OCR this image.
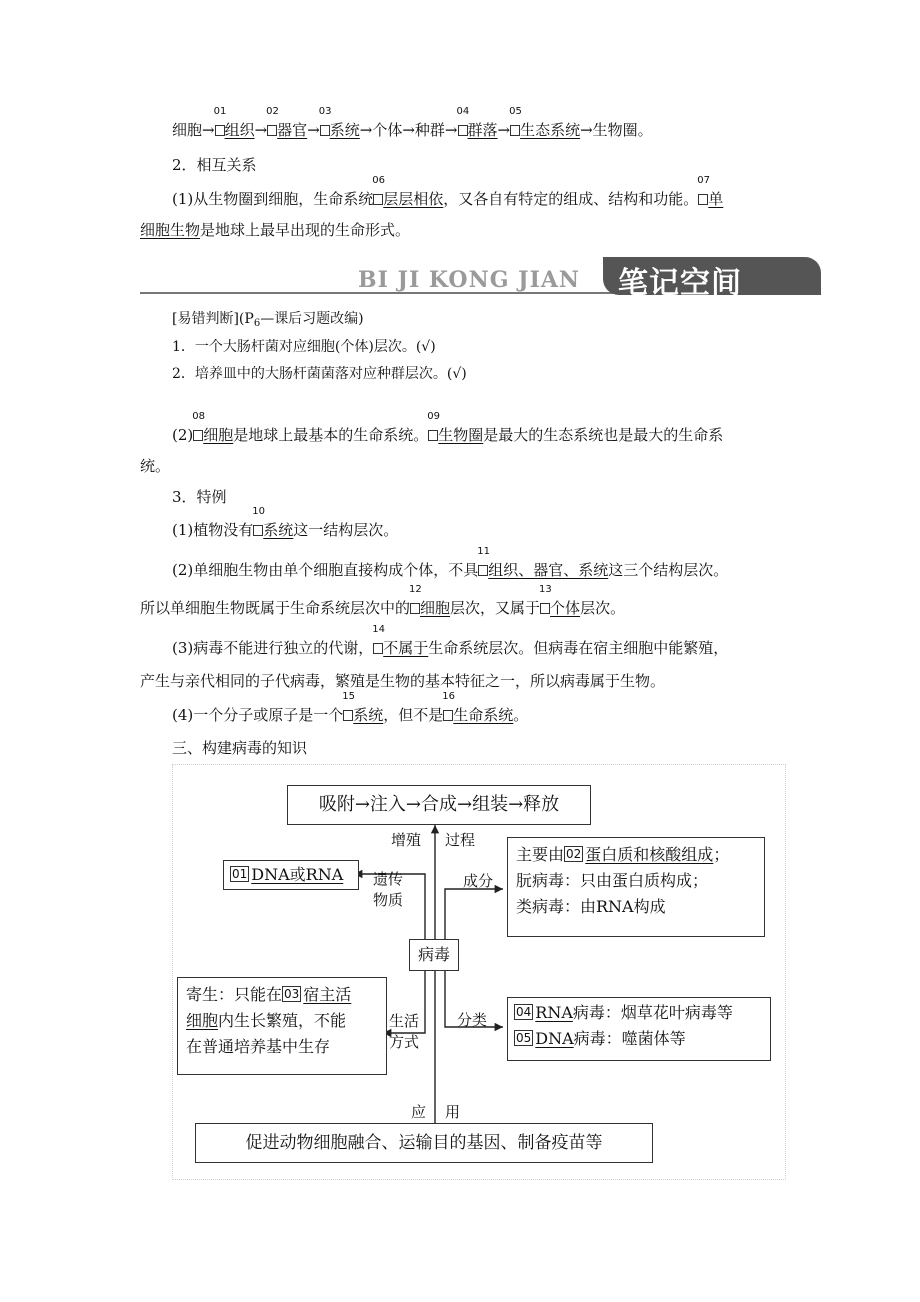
细胞→
01
组织→
02
器官→
03
系统→个体→种群→
04
群落→
05
生态系统→生物圈。
2．相互关系
(1)从生物圈到细胞，生命系统
06
层层相依，又各自有特定的组成、结构和功能。
07
单
细胞生物是地球上最早出现的生命形式。
BI JI KONG JIAN 笔记空间
[易错判断]($P_6—$课后习题改编)
1．一个大肠杆菌对应细胞(个体)层次。(√)
2．培养皿中的大肠杆菌菌落对应种群层次。(√)
(2)
08
细胞是地球上最基本的生命系统。
09
生物圈是最大的生态系统也是最大的生命系
统。
3．特例
(1)植物没有
10
系统这一结构层次。
(2)单细胞生物由单个细胞直接构成个体，不具
11
组织、器官、系统这三个结构层次。
所以单细胞生物既属于生命系统层次中的
12
细胞层次，又属于
13
个体层次。
(3)病毒不能进行独立的代谢，
14
不属于生命系统层次。但病毒在宿主细胞中能繁殖，
产生与亲代相同的子代病毒，繁殖是生物的基本特征之一，所以病毒属于生物。
(4)一个分子或原子是一个
15
系统，但不是
16
生命系统。
三、构建病毒的知识
吸附→注入→合成→组装→释放
增殖 过程
01 DNA或RNA	遗传
物质
成分
主要由 02 蛋白质和核酸组成；
朊病毒：只由蛋白质构成；
类病毒：由RNA构成
病毒
寄生：只能在 03 宿主活
细胞内生长繁殖，不能
在普通培养基中生存
生活
方式
分类 04 RNA病毒：烟草花叶病毒等
05 DNA病毒：噬菌体等
应 用
促进动物细胞融合、运输目的基因、制备疫苗等
